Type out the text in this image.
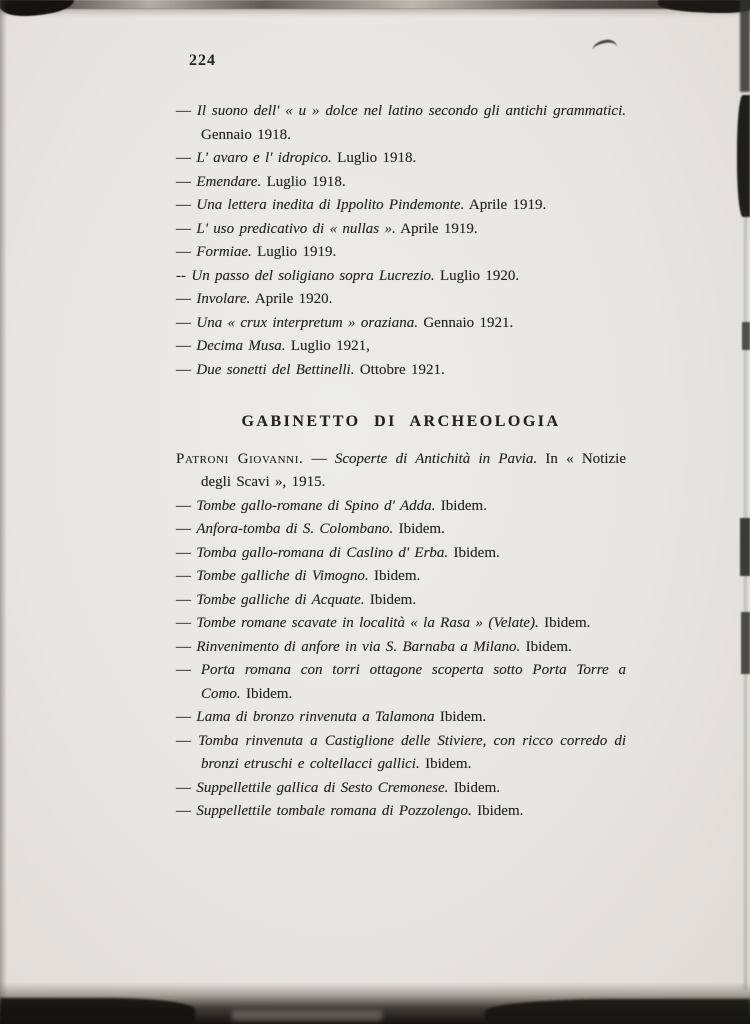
224

— Il suono dell' « u » dolce nel latino secondo gli antichi grammatici. Gennaio 1918.

— L' avaro e l' idropico. Luglio 1918.

— Emendare. Luglio 1918.

— Una lettera inedita di Ippolito Pindemonte. Aprile 1919.

— L' uso predicativo di « nullas ». Aprile 1919.

— Formiae. Luglio 1919.

-- Un passo del soligiano sopra Lucrezio. Luglio 1920.

— Involare. Aprile 1920.

— Una « crux interpretum » oraziana. Gennaio 1921.

— Decima Musa. Luglio 1921,

— Due sonetti del Bettinelli. Ottobre 1921.

GABINETTO DI ARCHEOLOGIA

Patroni Giovanni. — Scoperte di Antichità in Pavia. In « Notizie degli Scavi », 1915.

— Tombe gallo-romane di Spino d' Adda. Ibidem.

— Anfora-tomba di S. Colombano. Ibidem.

— Tomba gallo-romana di Caslino d' Erba. Ibidem.

— Tombe galliche di Vimogno. Ibidem.

— Tombe galliche di Acquate. Ibidem.

— Tombe romane scavate in località « la Rasa » (Velate). Ibidem.

— Rinvenimento di anfore in via S. Barnaba a Milano. Ibidem.

— Porta romana con torri ottagone scoperta sotto Porta Torre a Como. Ibidem.

— Lama di bronzo rinvenuta a Talamona Ibidem.

— Tomba rinvenuta a Castiglione delle Stiviere, con ricco corredo di bronzi etruschi e coltellacci gallici. Ibidem.

— Suppellettile gallica di Sesto Cremonese. Ibidem.

— Suppellettile tombale romana di Pozzolengo. Ibidem.
